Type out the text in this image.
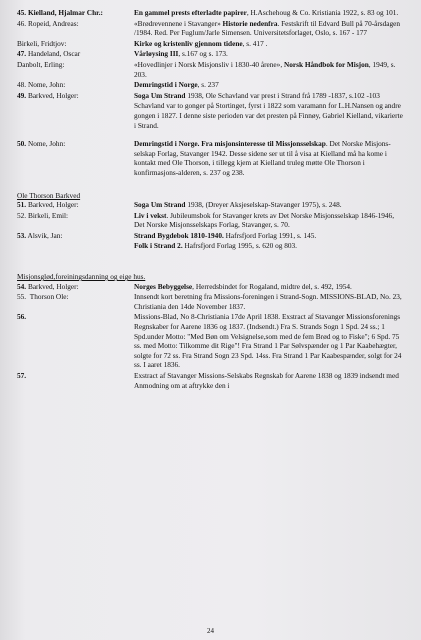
45. Kielland, Hjalmar Chr.:	En gammel prests efterladte papirer, H.Aschehoug & Co. Kristiania 1922, s. 83 og 101.
46. Ropeid, Andreas:	«Brødrevennene i Stavanger» Historie nedenfra. Festskrift til Edvard Bull på 70-årsdagen /1984. Red. Per Fuglum/Jarle Simensen. Universitetsforlaget, Oslo, s. 167 - 177
Birkeli, Fridtjov:	Kirke og kristenliv gjennom tidene, s. 417 .
47. Handeland, Oscar	Vårløysing III, s.167 og s. 173.
Danbolt, Erling:	«Hovedlinjer i Norsk Misjonsliv i 1830-40 årene», Norsk Håndbok for Misjon, 1949, s. 203.
48. Nome, John:	Demringstid i Norge, s. 237
49. Barkved, Holger:	Soga Um Strand 1938, Ole Schavland var prest i Strand frå 1789 -1837, s.102 -103
Schavland var to gonger på Stortinget, fyrst i 1822 som varamann for L.H.Nansen og andre gongen i 1827. I denne siste perioden var det presten på Finnøy, Gabriel Kielland, vikarierte i Strand.
50. Nome, John:	Demringstid i Norge. Fra misjonsinteresse til Missjonsselskap. Det Norske Misjons-selskap Forlag, Stavanger 1942. Desse sidene ser ut til å visa at Kielland må ha kome i kontakt med Ole Thorson, i tillegg kjem at Kielland truleg møtte Ole Thorson i konfirmasjons-alderen, s. 237 og 238.
Ole Thorson Barkved
51. Barkved, Holger:	Soga Um Strand 1938, (Dreyer Aksjeselskap-Stavanger 1975), s. 248.
52. Birkeli, Emil:	Liv i vekst. Jubileumsbok for Stavanger krets av Det Norske Misjonsselskap 1846-1946, Det Norske Misjonsselskaps Forlag, Stavanger, s. 70.
53. Alsvik, Jan:	Strand Bygdebok 1810-1940. Hafrsfjord Forlag 1991, s. 145.
Folk i Strand 2. Hafrsfjord Forlag 1995, s. 620 og 803.
Misjonsglød,foreiningsdanning og eige hus.
54. Barkved, Holger:	Norges Bebyggelse, Herredsbindet for Rogaland, midtre del, s. 492, 1954.
55. Thorson Ole:	Innsendt kort beretning fra Missions-foreningen i Strand-Sogn. MISSIONS-BLAD, No. 23, Christiania den 14de November 1837.
56.	Missions-Blad, No 8-Christiania 17de April 1838. Exstract af Stavanger Missionsforenings Regnskaber for Aarene 1836 og 1837. (Indsendt.) Fra S. Strands Sogn 1 Spd. 24 ss.; 1 Spd.under Motto: "Med Bøn om Velsignelse,som med de fem Brød og to Fiske"; 6 Spd. 75 ss. med Motto: Tilkomme dit Rige"! Fra Strand 1 Par Sølvspænder og 1 Par Kaabehægter, solgte for 72 ss. Fra Strand Sogn 23 Spd. 14ss. Fra Strand 1 Par Kaabespænder, solgt for 24 ss. I aaret 1836.
57.	Exstract af Stavanger Missions-Selskabs Regnskab for Aarene 1838 og 1839 indsendt med Anmodning om at aftrykke den i
24
